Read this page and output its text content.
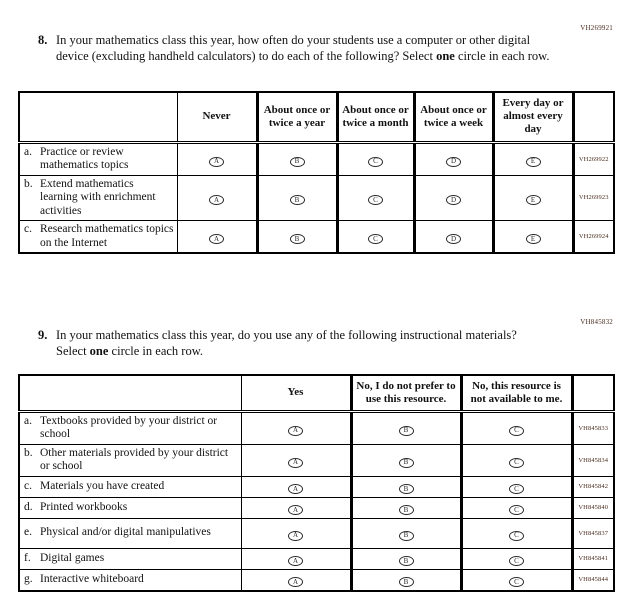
VH269921
8. In your mathematics class this year, how often do your students use a computer or other digital device (excluding handheld calculators) to do each of the following? Select one circle in each row.
	Never	About once or twice a year	About once or twice a month	About once or twice a week	Every day or almost every day	

a. Practice or review mathematics topics	A	B	C	D	E	VH269922

b. Extend mathematics learning with enrichment activities	A	B	C	D	E	VH269923

c. Research mathematics topics on the Internet	A	B	C	D	E	VH269924
VH845832
9. In your mathematics class this year, do you use any of the following instructional materials? Select one circle in each row.
	Yes	No, I do not prefer to use this resource.	No, this resource is not available to me.	

a. Textbooks provided by your district or school	A	B	C	VH845833

b. Other materials provided by your district or school	A	B	C	VH845834

c. Materials you have created	A	B	C	VH845842

d. Printed workbooks	A	B	C	VH845840

e. Physical and/or digital manipulatives	A	B	C	VH845837

f. Digital games	A	B	C	VH845841

g. Interactive whiteboard	A	B	C	VH845844
